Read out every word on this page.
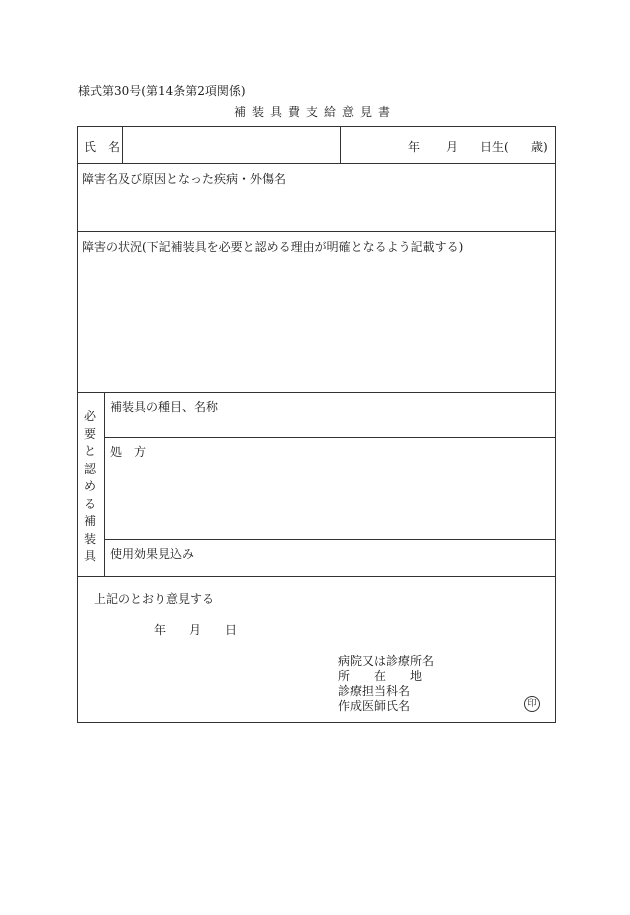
様式第30号(第14条第2項関係)
補装具費支給意見書
氏　名	年 月 日生( 歳)
障害名及び原因となった疾病・外傷名
障害の状況(下記補装具を必要と認める理由が明確となるよう記載する)
必要と認める補装具
補装具の種目、名称
処　方
使用効果見込み
上記のとおり意見する
年 月 日
病院又は診療所名
所　　在　　地
診療担当科名
作成医師氏名	印
